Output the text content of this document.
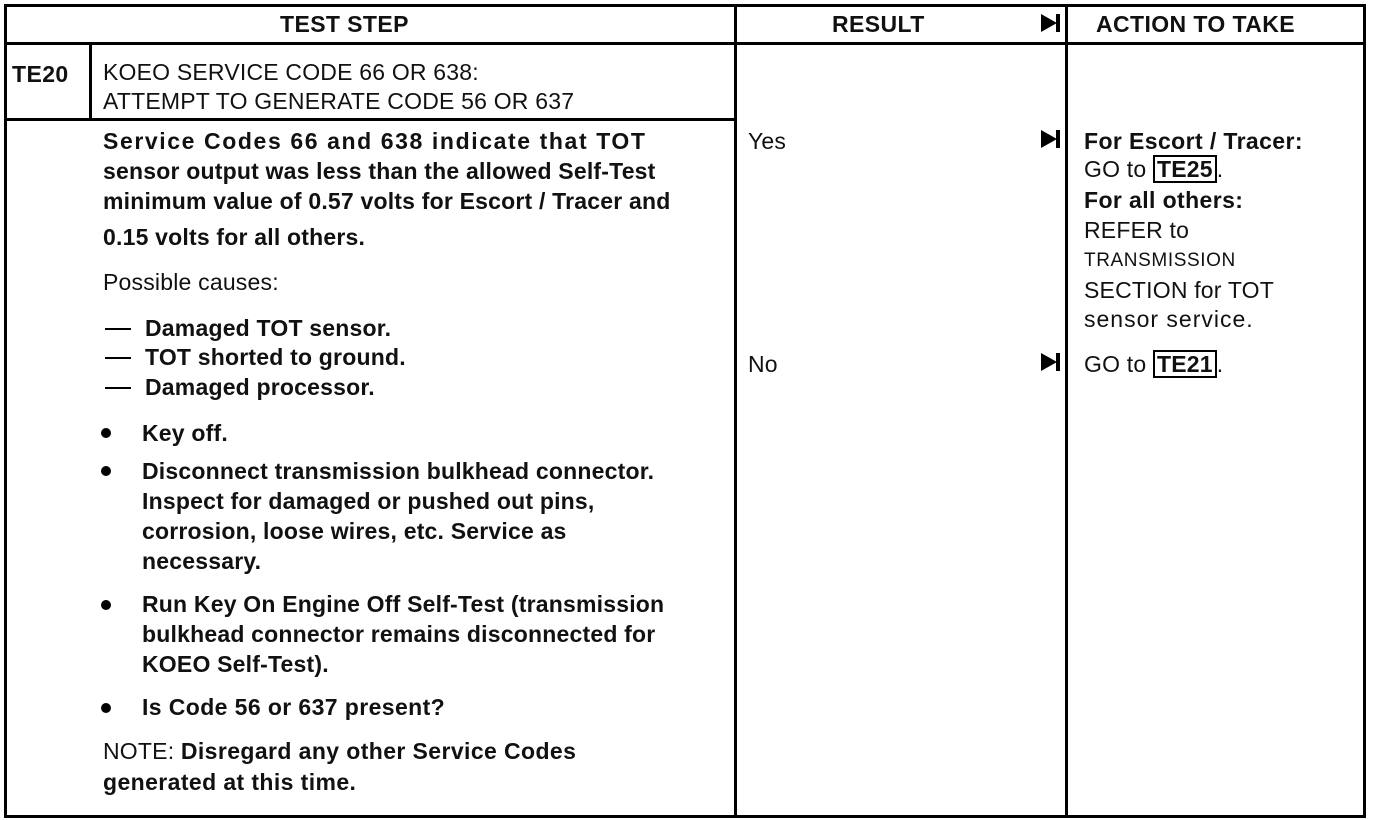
TEST STEP	RESULT	ACTION TO TAKE
TE20 KOEO SERVICE CODE 66 OR 638:
ATTEMPT TO GENERATE CODE 56 OR 637
Service Codes 66 and 638 indicate that TOT
sensor output was less than the allowed Self-Test
minimum value of 0.57 volts for Escort / Tracer and
0.15 volts for all others.
Possible causes:
Damaged TOT sensor.
TOT shorted to ground.
Damaged processor.
Key off.
Disconnect transmission bulkhead connector.
Inspect for damaged or pushed out pins,
corrosion, loose wires, etc. Service as
necessary.
Run Key On Engine Off Self-Test (transmission
bulkhead connector remains disconnected for
KOEO Self-Test).
Is Code 56 or 637 present?
NOTE: Disregard any other Service Codes
generated at this time.
Yes
No
For Escort / Tracer:
GO to TE25 .
For all others:
REFER to
TRANSMISSION
SECTION for TOT
sensor service.
GO to TE21 .
